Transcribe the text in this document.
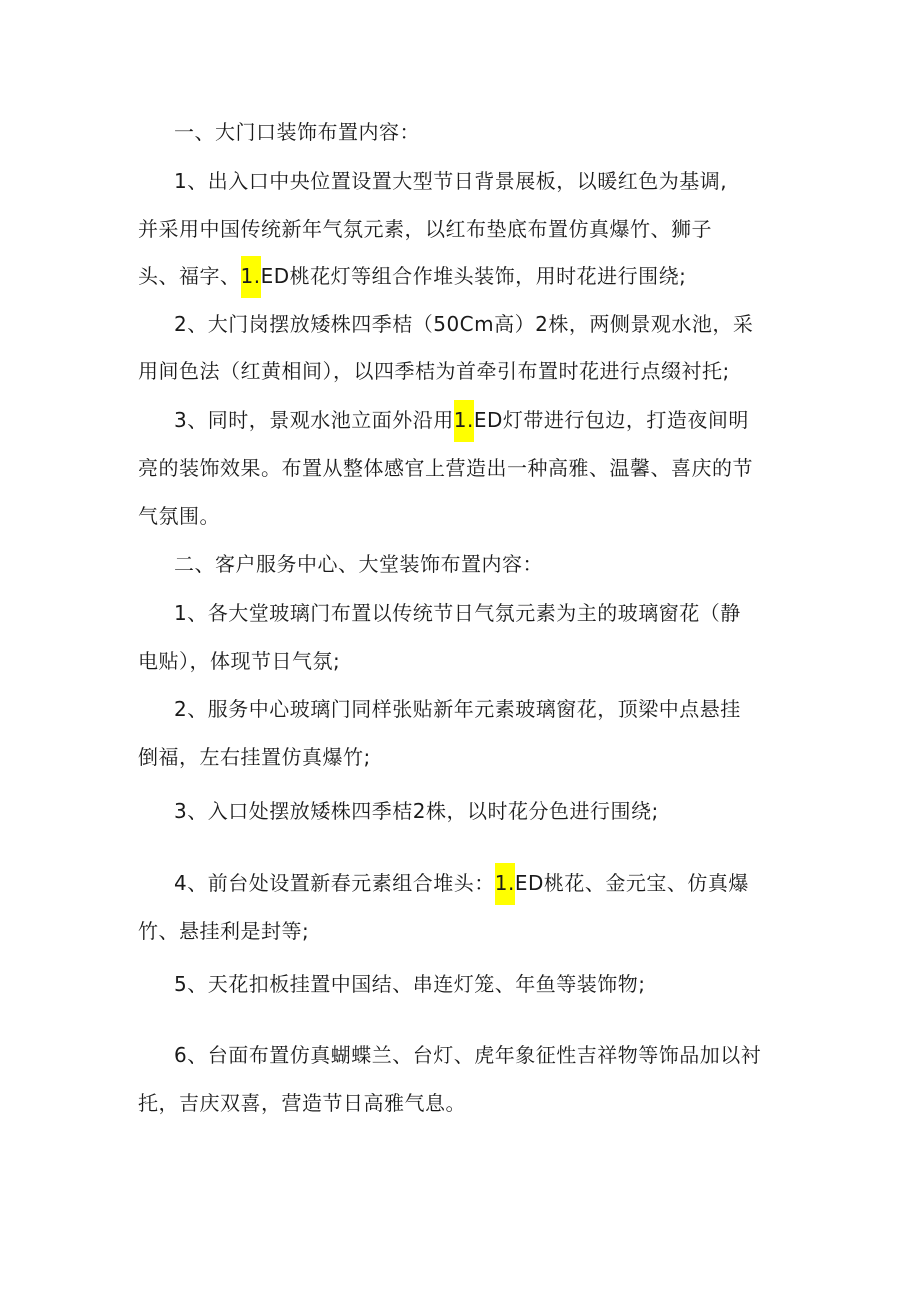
一、大门口装饰布置内容：
1、出入口中央位置设置大型节日背景展板，以暖红色为基调,
并采用中国传统新年气氛元素，以红布垫底布置仿真爆竹、狮子
头、福字、1.ED桃花灯等组合作堆头装饰，用时花进行围绕;
2、大门岗摆放矮株四季桔（50Cm高）2株，两侧景观水池，采
用间色法（红黄相间），以四季桔为首牵引布置时花进行点缀衬托;
3、同时，景观水池立面外沿用1.ED灯带进行包边，打造夜间明
亮的装饰效果。布置从整体感官上营造出一种高雅、温馨、喜庆的节
气氛围。
二、客户服务中心、大堂装饰布置内容：
1、各大堂玻璃门布置以传统节日气氛元素为主的玻璃窗花（静
电贴），体现节日气氛;
2、服务中心玻璃门同样张贴新年元素玻璃窗花，顶梁中点悬挂
倒福，左右挂置仿真爆竹;
3、入口处摆放矮株四季桔2株，以时花分色进行围绕;
4、前台处设置新春元素组合堆头：1.ED桃花、金元宝、仿真爆
竹、悬挂利是封等;
5、天花扣板挂置中国结、串连灯笼、年鱼等装饰物;
6、台面布置仿真蝴蝶兰、台灯、虎年象征性吉祥物等饰品加以衬
托，吉庆双喜，营造节日高雅气息。
